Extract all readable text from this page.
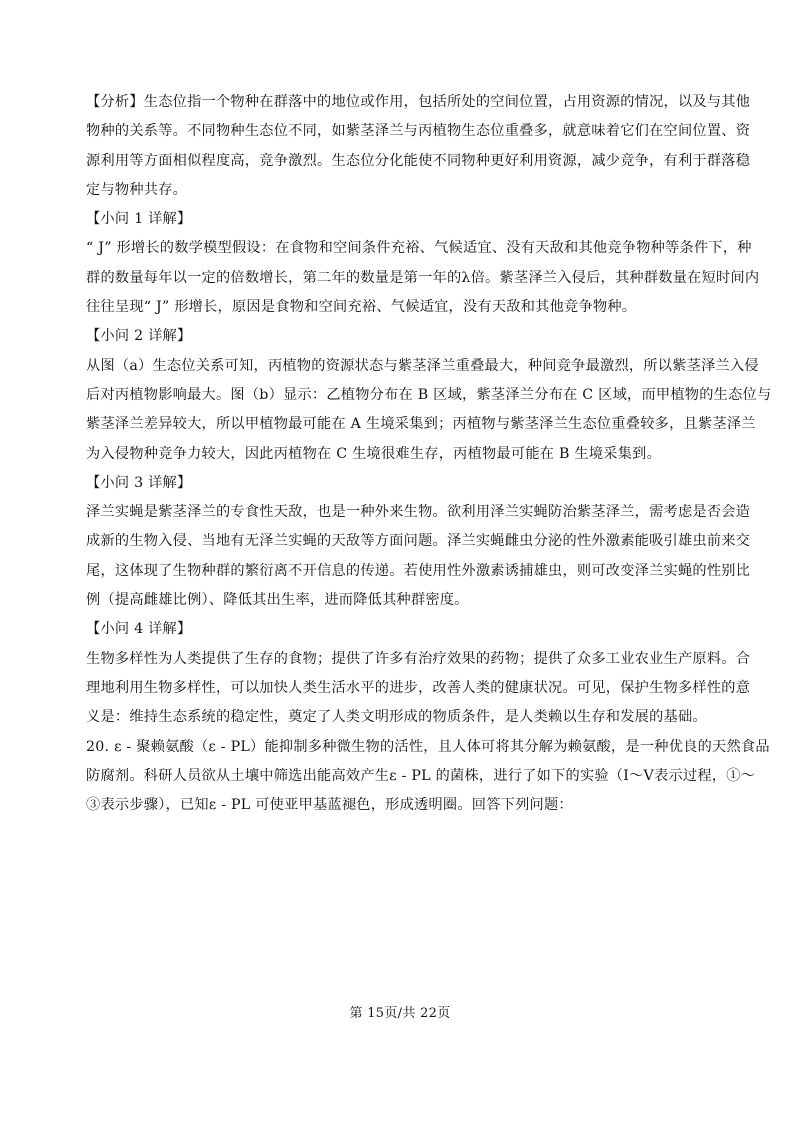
【分析】生态位指一个物种在群落中的地位或作用，包括所处的空间位置，占用资源的情况，以及与其他
物种的关系等。不同物种生态位不同，如紫茎泽兰与丙植物生态位重叠多，就意味着它们在空间位置、资
源利用等方面相似程度高，竞争激烈。生态位分化能使不同物种更好利用资源，减少竞争，有利于群落稳
定与物种共存。
【小问 1 详解】
“ J” 形增长的数学模型假设：在食物和空间条件充裕、气候适宜、没有天敌和其他竞争物种等条件下，种
群的数量每年以一定的倍数增长，第二年的数量是第一年的λ倍。紫茎泽兰入侵后，其种群数量在短时间内
往往呈现“ J” 形增长，原因是食物和空间充裕、气候适宜，没有天敌和其他竞争物种。
【小问 2 详解】
从图（a）生态位关系可知，丙植物的资源状态与紫茎泽兰重叠最大，种间竞争最激烈，所以紫茎泽兰入侵
后对丙植物影响最大。图（b）显示：乙植物分布在 B 区域，紫茎泽兰分布在 C 区域，而甲植物的生态位与
紫茎泽兰差异较大，所以甲植物最可能在 A 生境采集到；丙植物与紫茎泽兰生态位重叠较多，且紫茎泽兰
为入侵物种竞争力较大，因此丙植物在 C 生境很难生存，丙植物最可能在 B 生境采集到。
【小问 3 详解】
泽兰实蝇是紫茎泽兰的专食性天敌，也是一种外来生物。欲利用泽兰实蝇防治紫茎泽兰，需考虑是否会造
成新的生物入侵、当地有无泽兰实蝇的天敌等方面问题。泽兰实蝇雌虫分泌的性外激素能吸引雄虫前来交
尾，这体现了生物种群的繁衍离不开信息的传递。若使用性外激素诱捕雄虫，则可改变泽兰实蝇的性别比
例（提高雌雄比例）、降低其出生率，进而降低其种群密度。
【小问 4 详解】
生物多样性为人类提供了生存的食物；提供了许多有治疗效果的药物；提供了众多工业农业生产原料。合
理地利用生物多样性，可以加快人类生活水平的进步，改善人类的健康状况。可见，保护生物多样性的意
义是：维持生态系统的稳定性，奠定了人类文明形成的物质条件，是人类赖以生存和发展的基础。
20. ε - 聚赖氨酸（ε - PL）能抑制多种微生物的活性，且人体可将其分解为赖氨酸，是一种优良的天然食品
防腐剂。科研人员欲从土壤中筛选出能高效产生ε - PL 的菌株，进行了如下的实验（Ⅰ～Ⅴ表示过程，①～
③表示步骤），已知ε - PL 可使亚甲基蓝褪色，形成透明圈。回答下列问题：
第 15页/共 22页
